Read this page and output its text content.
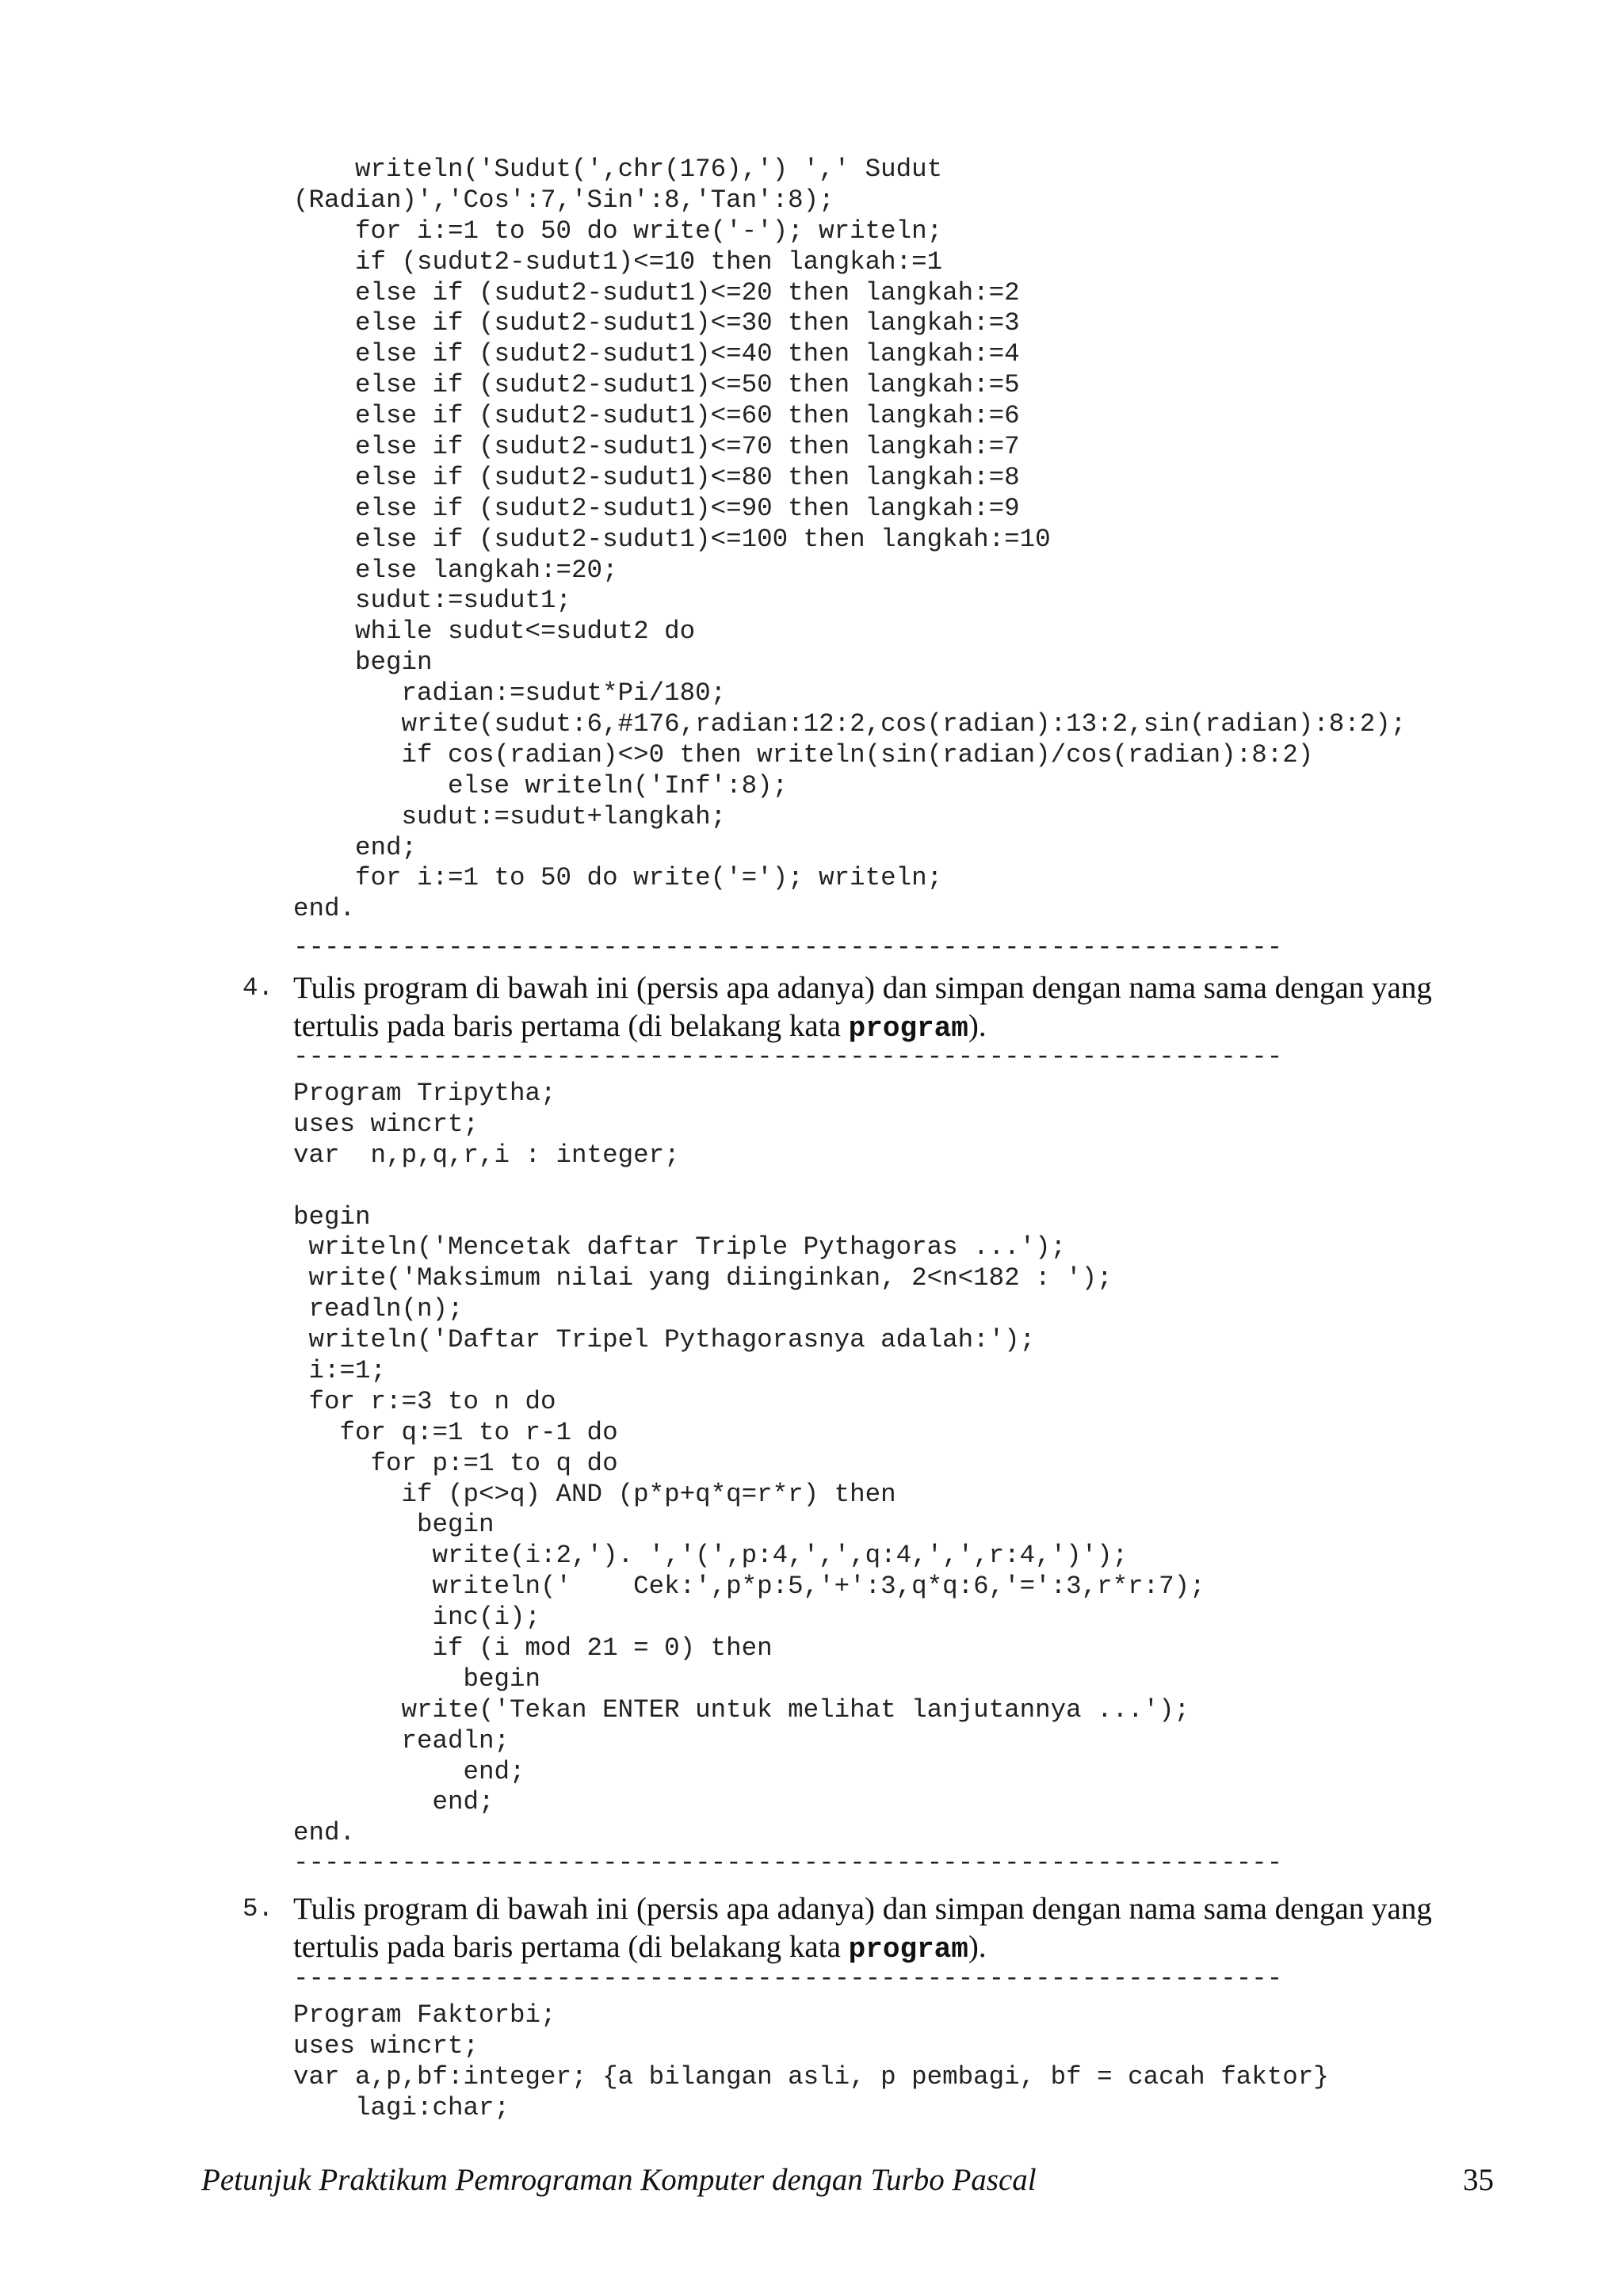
writeln('Sudut(',chr(176),') ',' Sudut
(Radian)','Cos':7,'Sin':8,'Tan':8);
for i:=1 to 50 do write('-'); writeln;
if (sudut2-sudut1)<=10 then langkah:=1
else if (sudut2-sudut1)<=20 then langkah:=2
else if (sudut2-sudut1)<=30 then langkah:=3
else if (sudut2-sudut1)<=40 then langkah:=4
else if (sudut2-sudut1)<=50 then langkah:=5
else if (sudut2-sudut1)<=60 then langkah:=6
else if (sudut2-sudut1)<=70 then langkah:=7
else if (sudut2-sudut1)<=80 then langkah:=8
else if (sudut2-sudut1)<=90 then langkah:=9
else if (sudut2-sudut1)<=100 then langkah:=10
else langkah:=20;
sudut:=sudut1;
while sudut<=sudut2 do
begin
radian:=sudut*Pi/180;
write(sudut:6,#176,radian:12:2,cos(radian):13:2,sin(radian):8:2);
if cos(radian)<>0 then writeln(sin(radian)/cos(radian):8:2)
else writeln('Inf':8);
sudut:=sudut+langkah;
end;
for i:=1 to 50 do write('='); writeln;
end.
----------------------------------------------------------------
4. Tulis program di bawah ini (persis apa adanya) dan simpan dengan nama sama dengan yang tertulis pada baris pertama (di belakang kata program).
----------------------------------------------------------------
Program Tripytha;
uses wincrt;
var  n,p,q,r,i : integer;
begin
writeln('Mencetak daftar Triple Pythagoras ...');
write('Maksimum nilai yang diinginkan, 2<n<182 : ');
readln(n);
writeln('Daftar Tripel Pythagorasnya adalah:');
i:=1;
for r:=3 to n do
for q:=1 to r-1 do
for p:=1 to q do
if (p<>q) AND (p*p+q*q=r*r) then
begin
write(i:2,'). ','(',p:4,',',q:4,',',r:4,')');
writeln('    Cek:',p*p:5,'+':3,q*q:6,'=':3,r*r:7);
inc(i);
if (i mod 21 = 0) then
begin
write('Tekan ENTER untuk melihat lanjutannya ...');
readln;
end;
end;
end.
----------------------------------------------------------------
5. Tulis program di bawah ini (persis apa adanya) dan simpan dengan nama sama dengan yang tertulis pada baris pertama (di belakang kata program).
----------------------------------------------------------------
Program Faktorbi;
uses wincrt;
var a,p,bf:integer; {a bilangan asli, p pembagi, bf = cacah faktor}
lagi:char;
Petunjuk Praktikum Pemrograman Komputer dengan Turbo Pascal	35
